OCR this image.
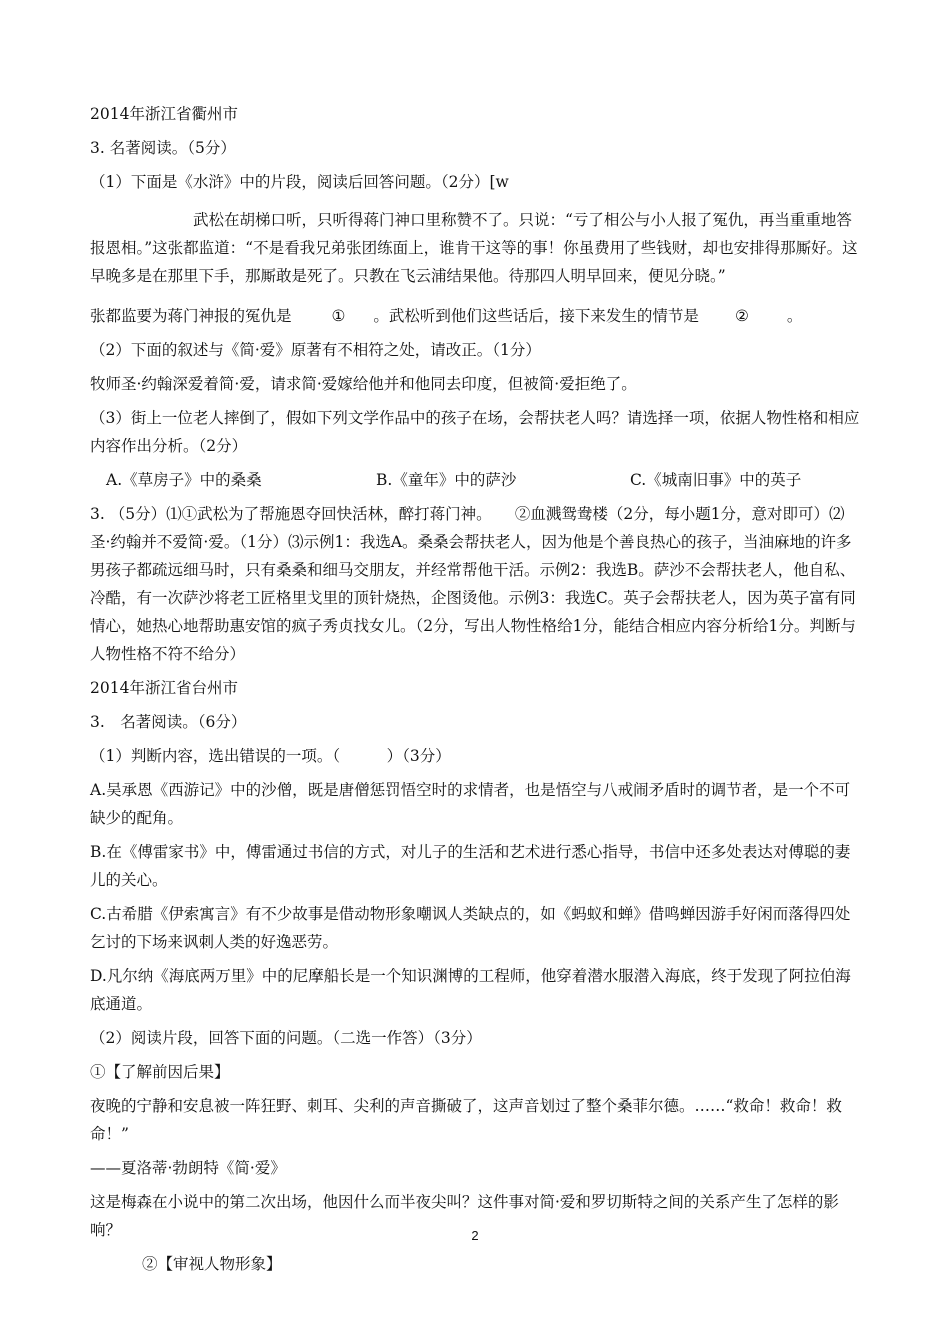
2014年浙江省衢州市

3. 名著阅读。（5分）

（1）下面是《水浒》中的片段，阅读后回答问题。（2分）[w

武松在胡梯口听，只听得蒋门神口里称赞不了。只说：“亏了相公与小人报了冤仇，再当重重地答报恩相。”这张都监道：“不是看我兄弟张团练面上，谁肯干这等的事！你虽费用了些钱财，却也安排得那厮好。这早晚多是在那里下手，那厮敢是死了。只教在飞云浦结果他。待那四人明早回来，便见分晓。”

张都监要为蒋门神报的冤仇是	① 。武松听到他们这些话后，接下来发生的情节是 ② 。

（2）下面的叙述与《简·爱》原著有不相符之处，请改正。（1分）

牧师圣·约翰深爱着简·爱，请求简·爱嫁给他并和他同去印度，但被简·爱拒绝了。

（3）街上一位老人摔倒了，假如下列文学作品中的孩子在场，会帮扶老人吗？请选择一项，依据人物性格和相应内容作出分析。（2分）

A.《草房子》中的桑桑	B.《童年》中的萨沙	C.《城南旧事》中的英子

3. （5分）⑴①武松为了帮施恩夺回快活林，醉打蒋门神。　　②血溅鸳鸯楼（2分，每小题1分，意对即可）⑵圣·约翰并不爱简·爱。（1分）⑶示例1：我选A。桑桑会帮扶老人，因为他是个善良热心的孩子，当油麻地的许多男孩子都疏远细马时，只有桑桑和细马交朋友，并经常帮他干活。示例2：我选B。萨沙不会帮扶老人，他自私、冷酷，有一次萨沙将老工匠格里戈里的顶针烧热，企图烫他。示例3：我选C。英子会帮扶老人，因为英子富有同情心，她热心地帮助惠安馆的疯子秀贞找女儿。（2分，写出人物性格给1分，能结合相应内容分析给1分。判断与人物性格不符不给分）

2014年浙江省台州市

3.　名著阅读。（6分）

（1）判断内容，选出错误的一项。（　　　）（3分）

A.吴承恩《西游记》中的沙僧，既是唐僧惩罚悟空时的求情者，也是悟空与八戒闹矛盾时的调节者，是一个不可缺少的配角。

B.在《傅雷家书》中，傅雷通过书信的方式，对儿子的生活和艺术进行悉心指导，书信中还多处表达对傅聪的妻儿的关心。

C.古希腊《伊索寓言》有不少故事是借动物形象嘲讽人类缺点的，如《蚂蚁和蝉》借鸣蝉因游手好闲而落得四处乞讨的下场来讽刺人类的好逸恶劳。

D.凡尔纳《海底两万里》中的尼摩船长是一个知识渊博的工程师，他穿着潜水服潜入海底，终于发现了阿拉伯海底通道。

（2）阅读片段，回答下面的问题。（二选一作答）（3分）

①【了解前因后果】

夜晚的宁静和安息被一阵狂野、刺耳、尖利的声音撕破了，这声音划过了整个桑菲尔德。……“救命！救命！救命！”

——夏洛蒂·勃朗特《简·爱》

这是梅森在小说中的第二次出场，他因什么而半夜尖叫？这件事对简·爱和罗切斯特之间的关系产生了怎样的影响？

②【审视人物形象】

2
